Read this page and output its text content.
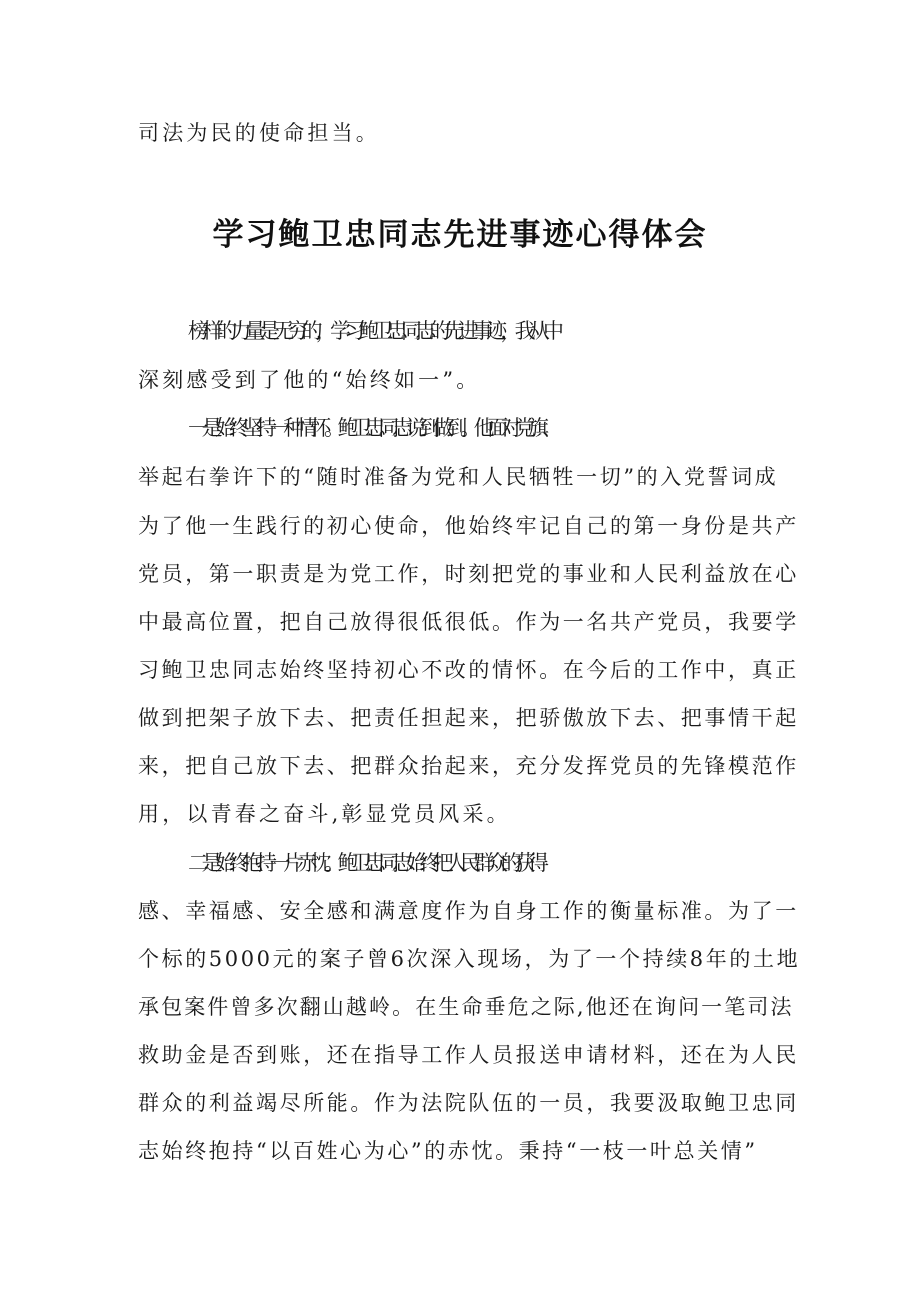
司法为民的使命担当。
学习鲍卫忠同志先进事迹心得体会
榜样的力量是无穷的，学习鲍卫忠同志的先进事迹，我从中
深刻感受到了他的“始终如一”。
一是始终坚持一种情怀。鲍卫忠同志说到做到。他面对党旗、
举起右拳许下的“随时准备为党和人民牺牲一切”的入党誓词成
为了他一生践行的初心使命，他始终牢记自己的第一身份是共产
党员，第一职责是为党工作，时刻把党的事业和人民利益放在心
中最高位置，把自己放得很低很低。作为一名共产党员，我要学
习鲍卫忠同志始终坚持初心不改的情怀。在今后的工作中，真正
做到把架子放下去、把责任担起来，把骄傲放下去、把事情干起
来，把自己放下去、把群众抬起来，充分发挥党员的先锋模范作
用，以青春之奋斗,彰显党员风采。
二是始终抱持一片赤忱。鲍卫忠同志始终把人民群众的获得
感、幸福感、安全感和满意度作为自身工作的衡量标准。为了一
个标的5000元的案子曾6次深入现场，为了一个持续8年的土地
承包案件曾多次翻山越岭。在生命垂危之际,他还在询问一笔司法
救助金是否到账，还在指导工作人员报送申请材料，还在为人民
群众的利益竭尽所能。作为法院队伍的一员，我要汲取鲍卫忠同
志始终抱持“以百姓心为心”的赤忱。秉持“一枝一叶总关情”
